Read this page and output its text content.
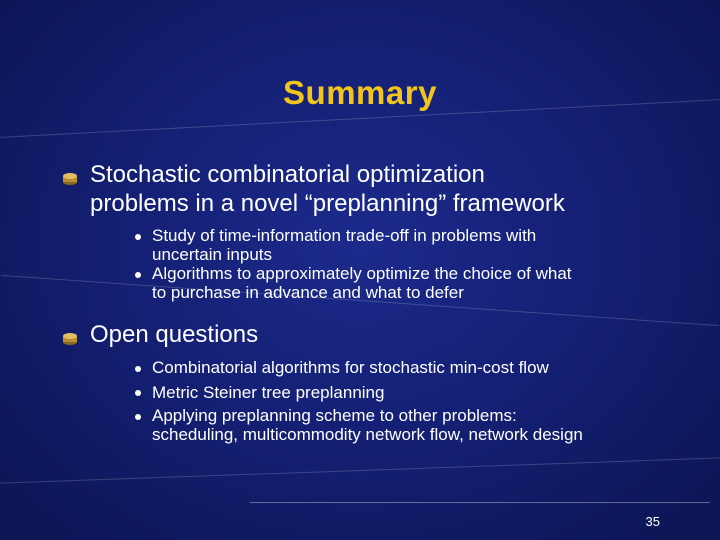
Summary
Stochastic combinatorial optimization
problems in a novel “preplanning” framework
Study of time-information trade-off in problems with
uncertain inputs
Algorithms to approximately optimize the choice of what
to purchase in advance and what to defer
Open questions
Combinatorial algorithms for stochastic min-cost flow
Metric Steiner tree preplanning
Applying preplanning scheme to other problems:
scheduling, multicommodity network flow, network design
35
